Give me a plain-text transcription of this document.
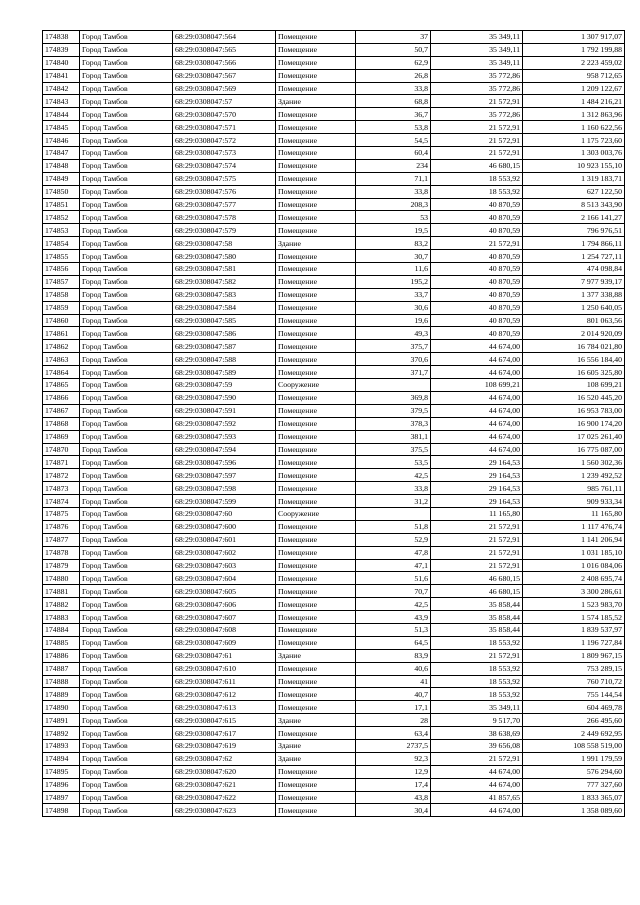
174838	Город Тамбов	68:29:0308047:564	Помещение	37	35 349,11	1 307 917,07
174839	Город Тамбов	68:29:0308047:565	Помещение	50,7	35 349,11	1 792 199,88
174840	Город Тамбов	68:29:0308047:566	Помещение	62,9	35 349,11	2 223 459,02
174841	Город Тамбов	68:29:0308047:567	Помещение	26,8	35 772,86	958 712,65
174842	Город Тамбов	68:29:0308047:569	Помещение	33,8	35 772,86	1 209 122,67
174843	Город Тамбов	68:29:0308047:57	Здание	68,8	21 572,91	1 484 216,21
174844	Город Тамбов	68:29:0308047:570	Помещение	36,7	35 772,86	1 312 863,96
174845	Город Тамбов	68:29:0308047:571	Помещение	53,8	21 572,91	1 160 622,56
174846	Город Тамбов	68:29:0308047:572	Помещение	54,5	21 572,91	1 175 723,60
174847	Город Тамбов	68:29:0308047:573	Помещение	60,4	21 572,91	1 303 003,76
174848	Город Тамбов	68:29:0308047:574	Помещение	234	46 680,15	10 923 155,10
174849	Город Тамбов	68:29:0308047:575	Помещение	71,1	18 553,92	1 319 183,71
174850	Город Тамбов	68:29:0308047:576	Помещение	33,8	18 553,92	627 122,50
174851	Город Тамбов	68:29:0308047:577	Помещение	208,3	40 870,59	8 513 343,90
174852	Город Тамбов	68:29:0308047:578	Помещение	53	40 870,59	2 166 141,27
174853	Город Тамбов	68:29:0308047:579	Помещение	19,5	40 870,59	796 976,51
174854	Город Тамбов	68:29:0308047:58	Здание	83,2	21 572,91	1 794 866,11
174855	Город Тамбов	68:29:0308047:580	Помещение	30,7	40 870,59	1 254 727,11
174856	Город Тамбов	68:29:0308047:581	Помещение	11,6	40 870,59	474 098,84
174857	Город Тамбов	68:29:0308047:582	Помещение	195,2	40 870,59	7 977 939,17
174858	Город Тамбов	68:29:0308047:583	Помещение	33,7	40 870,59	1 377 338,88
174859	Город Тамбов	68:29:0308047:584	Помещение	30,6	40 870,59	1 250 640,05
174860	Город Тамбов	68:29:0308047:585	Помещение	19,6	40 870,59	801 063,56
174861	Город Тамбов	68:29:0308047:586	Помещение	49,3	40 870,59	2 014 920,09
174862	Город Тамбов	68:29:0308047:587	Помещение	375,7	44 674,00	16 784 021,80
174863	Город Тамбов	68:29:0308047:588	Помещение	370,6	44 674,00	16 556 184,40
174864	Город Тамбов	68:29:0308047:589	Помещение	371,7	44 674,00	16 605 325,80
174865	Город Тамбов	68:29:0308047:59	Сооружение		108 699,21	108 699,21
174866	Город Тамбов	68:29:0308047:590	Помещение	369,8	44 674,00	16 520 445,20
174867	Город Тамбов	68:29:0308047:591	Помещение	379,5	44 674,00	16 953 783,00
174868	Город Тамбов	68:29:0308047:592	Помещение	378,3	44 674,00	16 900 174,20
174869	Город Тамбов	68:29:0308047:593	Помещение	381,1	44 674,00	17 025 261,40
174870	Город Тамбов	68:29:0308047:594	Помещение	375,5	44 674,00	16 775 087,00
174871	Город Тамбов	68:29:0308047:596	Помещение	53,5	29 164,53	1 560 302,36
174872	Город Тамбов	68:29:0308047:597	Помещение	42,5	29 164,53	1 239 492,52
174873	Город Тамбов	68:29:0308047:598	Помещение	33,8	29 164,53	985 761,11
174874	Город Тамбов	68:29:0308047:599	Помещение	31,2	29 164,53	909 933,34
174875	Город Тамбов	68:29:0308047:60	Сооружение		11 165,80	11 165,80
174876	Город Тамбов	68:29:0308047:600	Помещение	51,8	21 572,91	1 117 476,74
174877	Город Тамбов	68:29:0308047:601	Помещение	52,9	21 572,91	1 141 206,94
174878	Город Тамбов	68:29:0308047:602	Помещение	47,8	21 572,91	1 031 185,10
174879	Город Тамбов	68:29:0308047:603	Помещение	47,1	21 572,91	1 016 084,06
174880	Город Тамбов	68:29:0308047:604	Помещение	51,6	46 680,15	2 408 695,74
174881	Город Тамбов	68:29:0308047:605	Помещение	70,7	46 680,15	3 300 286,61
174882	Город Тамбов	68:29:0308047:606	Помещение	42,5	35 858,44	1 523 983,70
174883	Город Тамбов	68:29:0308047:607	Помещение	43,9	35 858,44	1 574 185,52
174884	Город Тамбов	68:29:0308047:608	Помещение	51,3	35 858,44	1 839 537,97
174885	Город Тамбов	68:29:0308047:609	Помещение	64,5	18 553,92	1 196 727,84
174886	Город Тамбов	68:29:0308047:61	Здание	83,9	21 572,91	1 809 967,15
174887	Город Тамбов	68:29:0308047:610	Помещение	40,6	18 553,92	753 289,15
174888	Город Тамбов	68:29:0308047:611	Помещение	41	18 553,92	760 710,72
174889	Город Тамбов	68:29:0308047:612	Помещение	40,7	18 553,92	755 144,54
174890	Город Тамбов	68:29:0308047:613	Помещение	17,1	35 349,11	604 469,78
174891	Город Тамбов	68:29:0308047:615	Здание	28	9 517,70	266 495,60
174892	Город Тамбов	68:29:0308047:617	Помещение	63,4	38 638,69	2 449 692,95
174893	Город Тамбов	68:29:0308047:619	Здание	2737,5	39 656,08	108 558 519,00
174894	Город Тамбов	68:29:0308047:62	Здание	92,3	21 572,91	1 991 179,59
174895	Город Тамбов	68:29:0308047:620	Помещение	12,9	44 674,00	576 294,60
174896	Город Тамбов	68:29:0308047:621	Помещение	17,4	44 674,00	777 327,60
174897	Город Тамбов	68:29:0308047:622	Помещение	43,8	41 857,65	1 833 365,07
174898	Город Тамбов	68:29:0308047:623	Помещение	30,4	44 674,00	1 358 089,60
